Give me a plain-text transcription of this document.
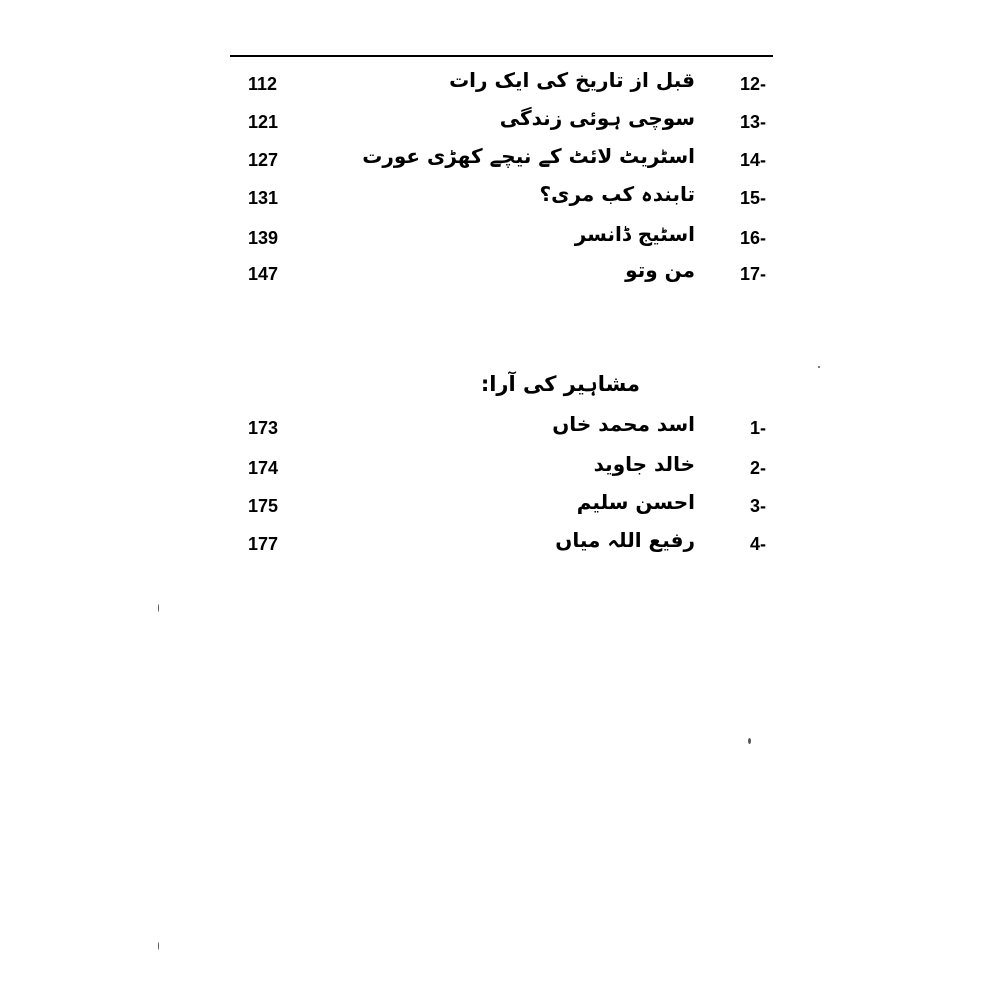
112	قبل از تاریخ کی ایک رات 12-
121	سوچی ہوئی زندگی 13-
127	اسٹریٹ لائٹ کے نیچے کھڑی عورت 14-
131	تابندہ کب مری؟ 15-
139	اسٹیج ڈانسر 16-
147	من وتو 17-
مشاہیر کی آرا:
173	اسد محمد خاں	1-
174	خالد جاوید	2-
175	احسن سلیم	3-
177	رفیع اللہ میاں	4-
